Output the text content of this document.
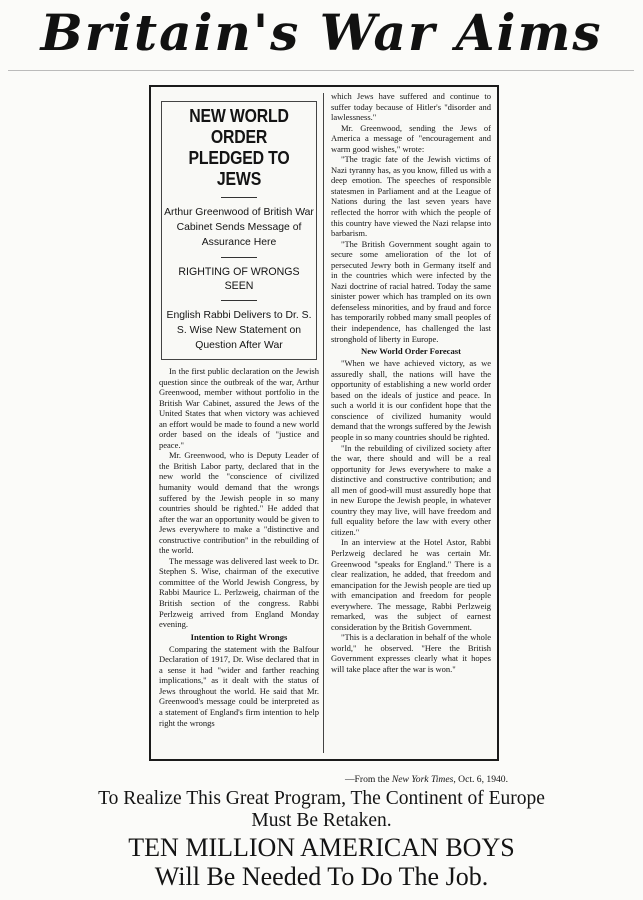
Britain's War Aims
NEW WORLD ORDER PLEDGED TO JEWS
Arthur Greenwood of British War Cabinet Sends Message of Assurance Here
RIGHTING OF WRONGS SEEN
English Rabbi Delivers to Dr. S. S. Wise New Statement on Question After War

In the first public declaration on the Jewish question since the outbreak of the war, Arthur Greenwood, member without portfolio in the British War Cabinet, assured the Jews of the United States that when victory was achieved an effort would be made to found a new world order based on the ideals of "justice and peace."

Mr. Greenwood, who is Deputy Leader of the British Labor party, declared that in the new world the "conscience of civilized humanity would demand that the wrongs suffered by the Jewish people in so many countries should be righted." He added that after the war an opportunity would be given to Jews everywhere to make a "distinctive and constructive contribution" in the rebuilding of the world.

The message was delivered last week to Dr. Stephen S. Wise, chairman of the executive committee of the World Jewish Congress, by Rabbi Maurice L. Perlzweig, chairman of the British section of the congress. Rabbi Perlzweig arrived from England Monday evening.

Intention to Right Wrongs

Comparing the statement with the Balfour Declaration of 1917, Dr. Wise declared that in a sense it had "wider and farther reaching implications," as it dealt with the status of Jews throughout the world. He said that Mr. Greenwood's message could be interpreted as a statement of England's firm intention to help right the wrongs

which Jews have suffered and continue to suffer today because of Hitler's "disorder and lawlessness."

Mr. Greenwood, sending the Jews of America a message of "encouragement and warm good wishes," wrote:

"The tragic fate of the Jewish victims of Nazi tyranny has, as you know, filled us with a deep emotion. The speeches of responsible statesmen in Parliament and at the League of Nations during the last seven years have reflected the horror with which the people of this country have viewed the Nazi relapse into barbarism.

"The British Government sought again to secure some amelioration of the lot of persecuted Jewry both in Germany itself and in the countries which were infected by the Nazi doctrine of racial hatred. Today the same sinister power which has trampled on its own defenseless minorities, and by fraud and force has temporarily robbed many small peoples of their independence, has challenged the last stronghold of liberty in Europe.

New World Order Forecast

"When we have achieved victory, as we assuredly shall, the nations will have the opportunity of establishing a new world order based on the ideals of justice and peace. In such a world it is our confident hope that the conscience of civilized humanity would demand that the wrongs suffered by the Jewish people in so many countries should be righted.

"In the rebuilding of civilized society after the war, there should and will be a real opportunity for Jews everywhere to make a distinctive and constructive contribution; and all men of good-will must assuredly hope that in new Europe the Jewish people, in whatever country they may live, will have freedom and full equality before the law with every other citizen."

In an interview at the Hotel Astor, Rabbi Perlzweig declared he was certain Mr. Greenwood "speaks for England." There is a clear realization, he added, that freedom and emancipation for the Jewish people are tied up with emancipation and freedom for people everywhere. The message, Rabbi Perlzweig remarked, was the subject of earnest consideration by the British Government.

"This is a declaration in behalf of the whole world," he observed. "Here the British Government expresses clearly what it hopes will take place after the war is won."

—From the New York Times, Oct. 6, 1940.
To Realize This Great Program, The Continent of Europe
Must Be Retaken.
TEN MILLION AMERICAN BOYS
Will Be Needed To Do The Job.
